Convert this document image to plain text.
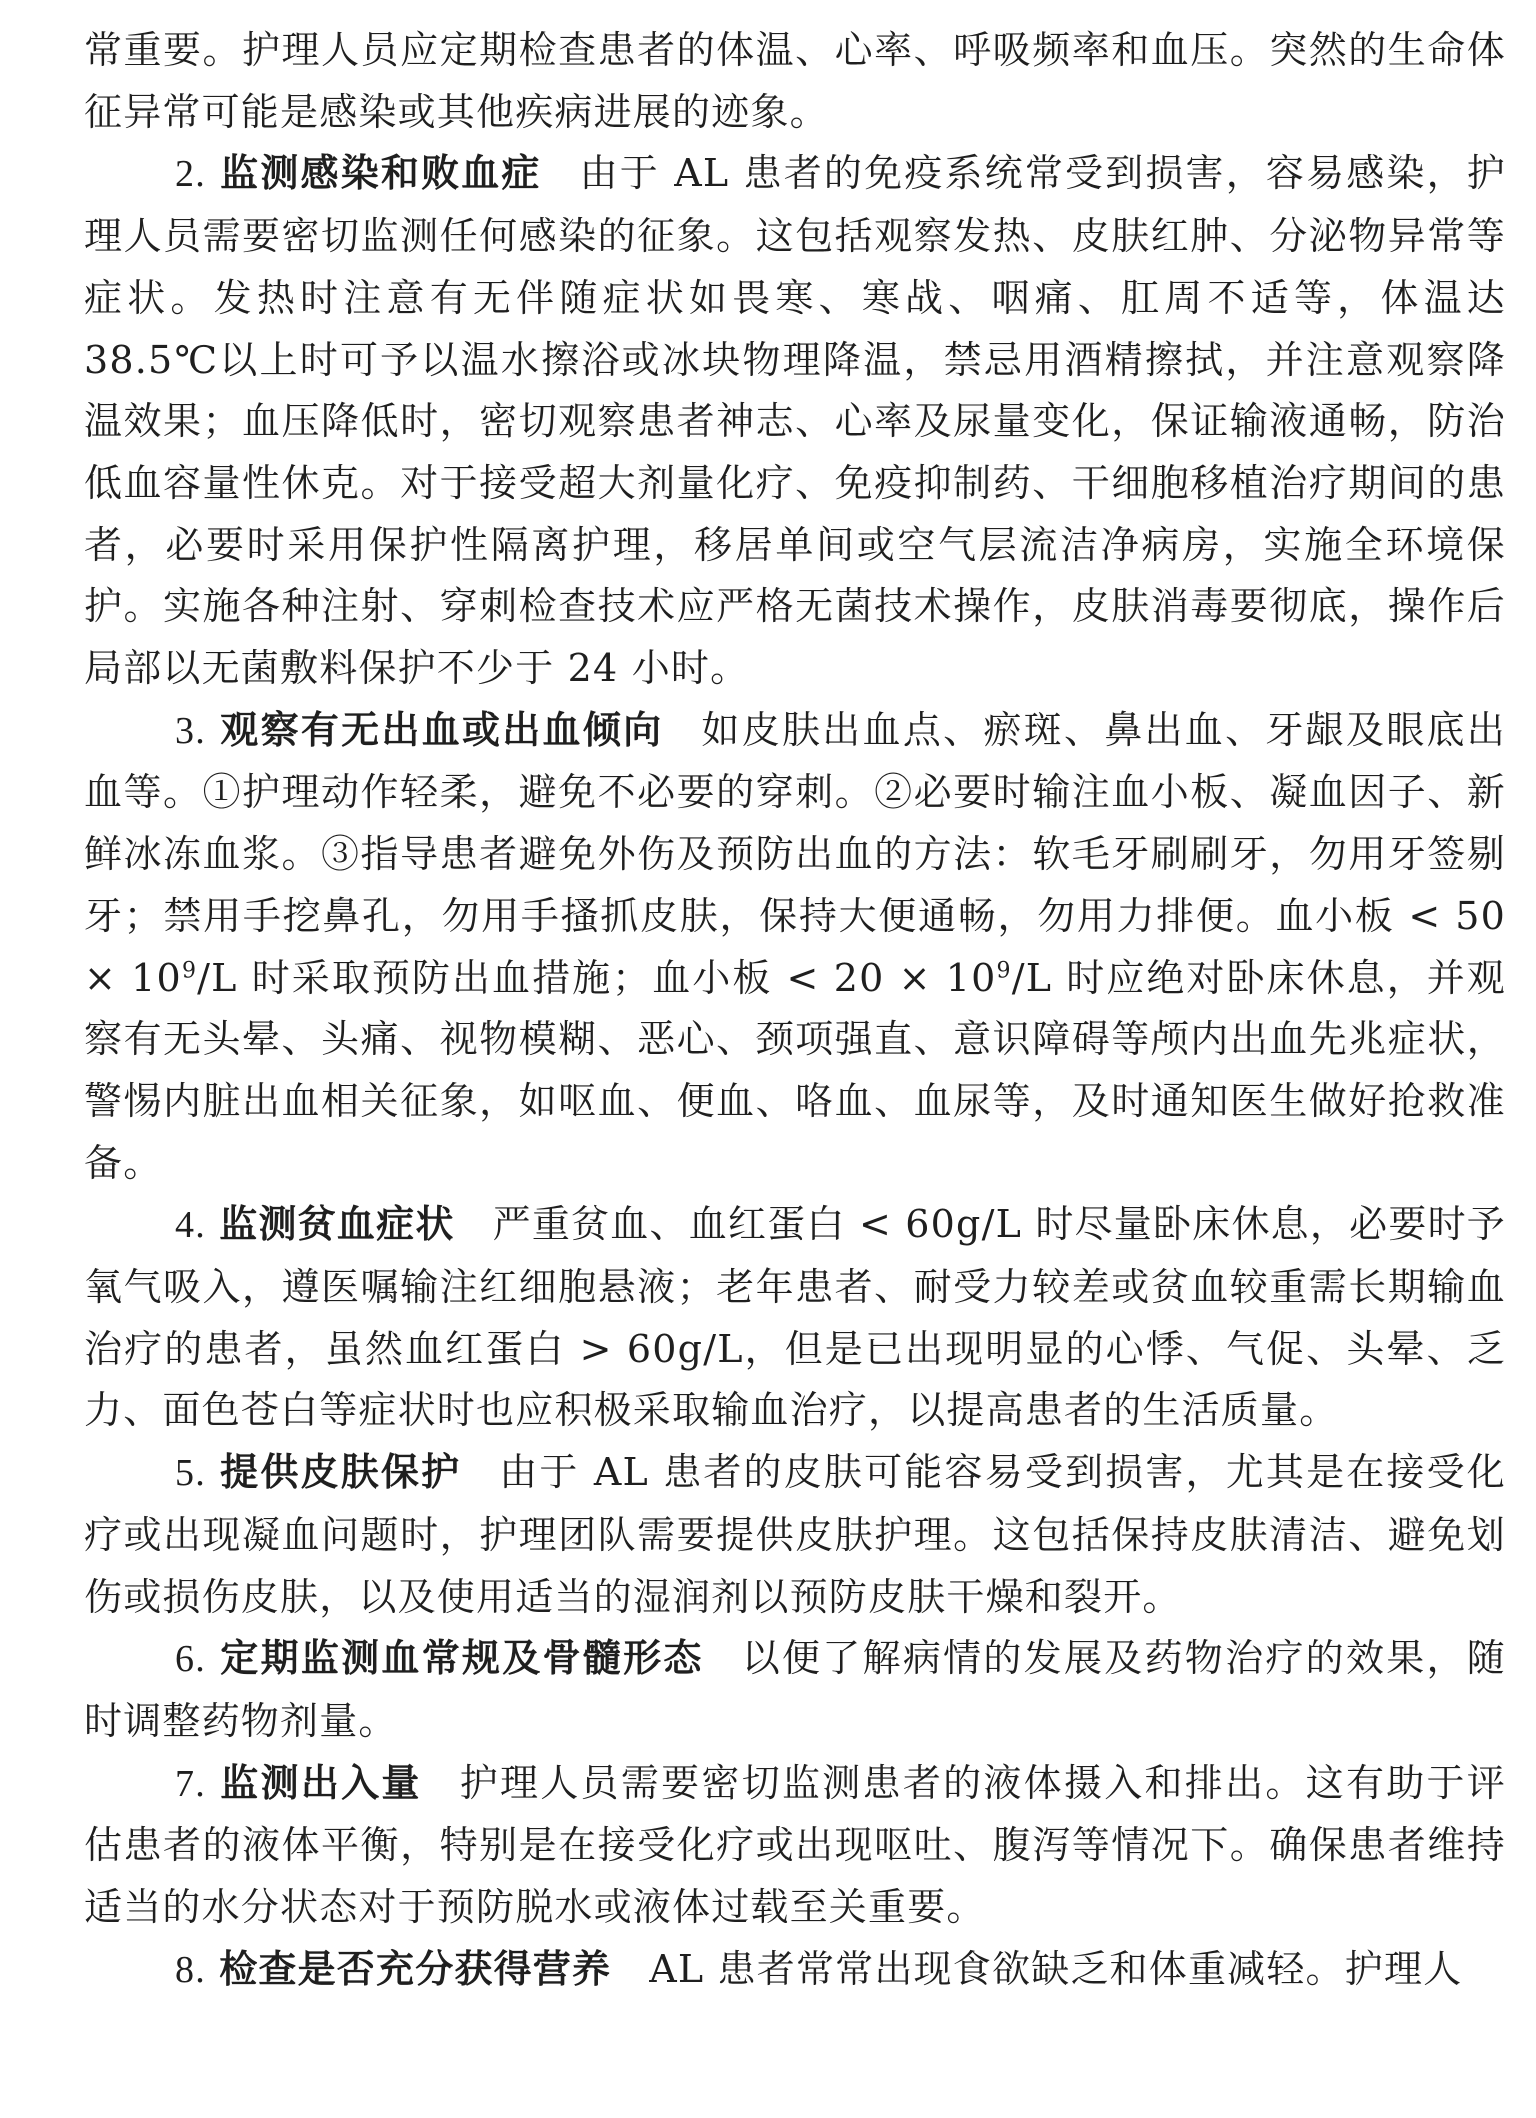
常重要。护理人员应定期检查患者的体温、心率、呼吸频率和血压。突然的生命体征异常可能是感染或其他疾病进展的迹象。

2. 监测感染和败血症 由于 AL 患者的免疫系统常受到损害，容易感染，护理人员需要密切监测任何感染的征象。这包括观察发热、皮肤红肿、分泌物异常等症状。发热时注意有无伴随症状如畏寒、寒战、咽痛、肛周不适等，体温达38.5℃以上时可予以温水擦浴或冰块物理降温，禁忌用酒精擦拭，并注意观察降温效果；血压降低时，密切观察患者神志、心率及尿量变化，保证输液通畅，防治低血容量性休克。对于接受超大剂量化疗、免疫抑制药、干细胞移植治疗期间的患者，必要时采用保护性隔离护理，移居单间或空气层流洁净病房，实施全环境保护。实施各种注射、穿刺检查技术应严格无菌技术操作，皮肤消毒要彻底，操作后局部以无菌敷料保护不少于 24 小时。

3. 观察有无出血或出血倾向 如皮肤出血点、瘀斑、鼻出血、牙龈及眼底出血等。①护理动作轻柔，避免不必要的穿刺。②必要时输注血小板、凝血因子、新鲜冰冻血浆。③指导患者避免外伤及预防出血的方法：软毛牙刷刷牙，勿用牙签剔牙；禁用手挖鼻孔，勿用手搔抓皮肤，保持大便通畅，勿用力排便。血小板 < $50 \times 10^9/L$ 时采取预防出血措施；血小板 < $20 \times 10^9/L$ 时应绝对卧床休息，并观察有无头晕、头痛、视物模糊、恶心、颈项强直、意识障碍等颅内出血先兆症状，警惕内脏出血相关征象，如呕血、便血、咯血、血尿等，及时通知医生做好抢救准备。

4. 监测贫血症状 严重贫血、血红蛋白 < 60g/L 时尽量卧床休息，必要时予氧气吸入，遵医嘱输注红细胞悬液；老年患者、耐受力较差或贫血较重需长期输血治疗的患者，虽然血红蛋白 > 60g/L，但是已出现明显的心悸、气促、头晕、乏力、面色苍白等症状时也应积极采取输血治疗，以提高患者的生活质量。

5. 提供皮肤保护 由于 AL 患者的皮肤可能容易受到损害，尤其是在接受化疗或出现凝血问题时，护理团队需要提供皮肤护理。这包括保持皮肤清洁、避免划伤或损伤皮肤，以及使用适当的湿润剂以预防皮肤干燥和裂开。

6. 定期监测血常规及骨髓形态 以便了解病情的发展及药物治疗的效果，随时调整药物剂量。

7. 监测出入量 护理人员需要密切监测患者的液体摄入和排出。这有助于评估患者的液体平衡，特别是在接受化疗或出现呕吐、腹泻等情况下。确保患者维持适当的水分状态对于预防脱水或液体过载至关重要。

8. 检查是否充分获得营养 AL 患者常常出现食欲缺乏和体重减轻。护理人
